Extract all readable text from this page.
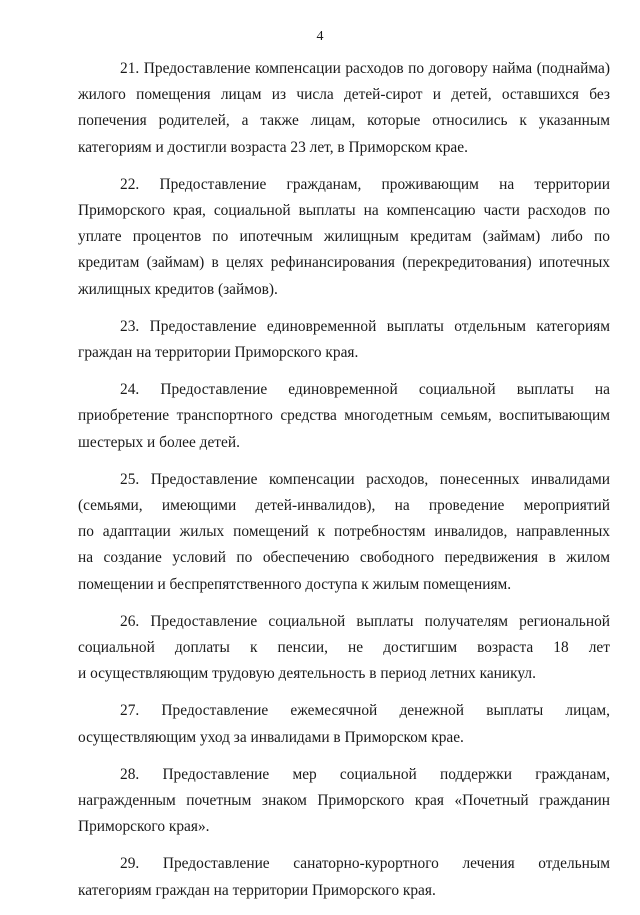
4

21. Предоставление компенсации расходов по договору найма (поднайма)
жилого помещения лицам из числа детей-сирот и детей, оставшихся без
попечения родителей, а также лицам, которые относились к указанным
категориям и достигли возраста 23 лет, в Приморском крае.

22. Предоставление гражданам, проживающим на территории
Приморского края, социальной выплаты на компенсацию части расходов по
уплате процентов по ипотечным жилищным кредитам (займам) либо по
кредитам (займам) в целях рефинансирования (перекредитования) ипотечных
жилищных кредитов (займов).

23. Предоставление единовременной выплаты отдельным категориям
граждан на территории Приморского края.

24. Предоставление единовременной социальной выплаты на
приобретение транспортного средства многодетным семьям, воспитывающим
шестерых и более детей.

25. Предоставление компенсации расходов, понесенных инвалидами
(семьями, имеющими детей-инвалидов), на проведение мероприятий
по адаптации жилых помещений к потребностям инвалидов, направленных
на создание условий по обеспечению свободного передвижения в жилом
помещении и беспрепятственного доступа к жилым помещениям.

26. Предоставление социальной выплаты получателям региональной
социальной доплаты к пенсии, не достигшим возраста 18 лет
и осуществляющим трудовую деятельность в период летних каникул.

27. Предоставление ежемесячной денежной выплаты лицам,
осуществляющим уход за инвалидами в Приморском крае.

28. Предоставление мер социальной поддержки гражданам,
награжденным почетным знаком Приморского края «Почетный гражданин
Приморского края».

29. Предоставление санаторно-курортного лечения отдельным
категориям граждан на территории Приморского края.
